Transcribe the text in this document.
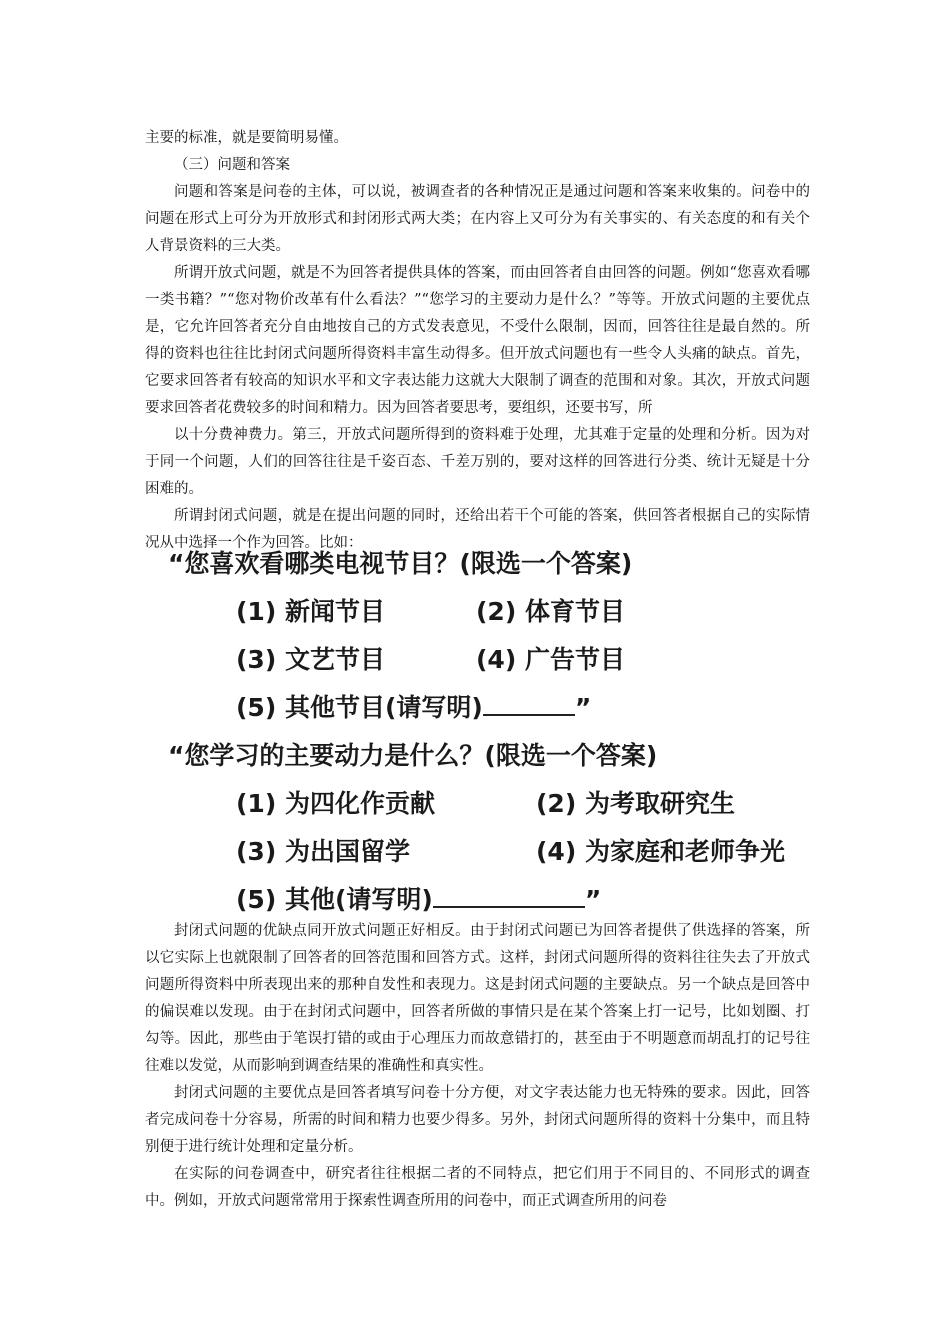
主要的标准，就是要简明易懂。

（三）问题和答案

问题和答案是问卷的主体，可以说，被调查者的各种情况正是通过问题和答案来收集的。问卷中的问题在形式上可分为开放形式和封闭形式两大类；在内容上又可分为有关事实的、有关态度的和有关个人背景资料的三大类。

所谓开放式问题，就是不为回答者提供具体的答案，而由回答者自由回答的问题。例如“您喜欢看哪一类书籍？”“您对物价改革有什么看法？”“您学习的主要动力是什么？”等等。开放式问题的主要优点是，它允许回答者充分自由地按自己的方式发表意见，不受什么限制，因而，回答往往是最自然的。所得的资料也往往比封闭式问题所得资料丰富生动得多。但开放式问题也有一些令人头痛的缺点。首先，它要求回答者有较高的知识水平和文字表达能力这就大大限制了调查的范围和对象。其次，开放式问题要求回答者花费较多的时间和精力。因为回答者要思考，要组织，还要书写，所

以十分费神费力。第三，开放式问题所得到的资料难于处理，尤其难于定量的处理和分析。因为对于同一个问题，人们的回答往往是千姿百态、千差万别的，要对这样的回答进行分类、统计无疑是十分困难的。

所谓封闭式问题，就是在提出问题的同时，还给出若干个可能的答案，供回答者根据自己的实际情况从中选择一个作为回答。比如：

“您喜欢看哪类电视节目？(限选一个答案)
(1) 新闻节目	(2) 体育节目
(3) 文艺节目	(4) 广告节目
(5) 其他节目(请写明)	”
“您学习的主要动力是什么？(限选一个答案)
(1) 为四化作贡献	(2) 为考取研究生
(3) 为出国留学	(4) 为家庭和老师争光
(5) 其他(请写明)	”

封闭式问题的优缺点同开放式问题正好相反。由于封闭式问题已为回答者提供了供选择的答案，所以它实际上也就限制了回答者的回答范围和回答方式。这样，封闭式问题所得的资料往往失去了开放式问题所得资料中所表现出来的那种自发性和表现力。这是封闭式问题的主要缺点。另一个缺点是回答中的偏误难以发现。由于在封闭式问题中，回答者所做的事情只是在某个答案上打一记号，比如划圈、打勾等。因此，那些由于笔误打错的或由于心理压力而故意错打的，甚至由于不明题意而胡乱打的记号往往难以发觉，从而影响到调查结果的准确性和真实性。

封闭式问题的主要优点是回答者填写问卷十分方便，对文字表达能力也无特殊的要求。因此，回答者完成问卷十分容易，所需的时间和精力也要少得多。另外，封闭式问题所得的资料十分集中，而且特别便于进行统计处理和定量分析。

在实际的问卷调查中，研究者往往根据二者的不同特点，把它们用于不同目的、不同形式的调查中。例如，开放式问题常常用于探索性调查所用的问卷中，而正式调查所用的问卷
